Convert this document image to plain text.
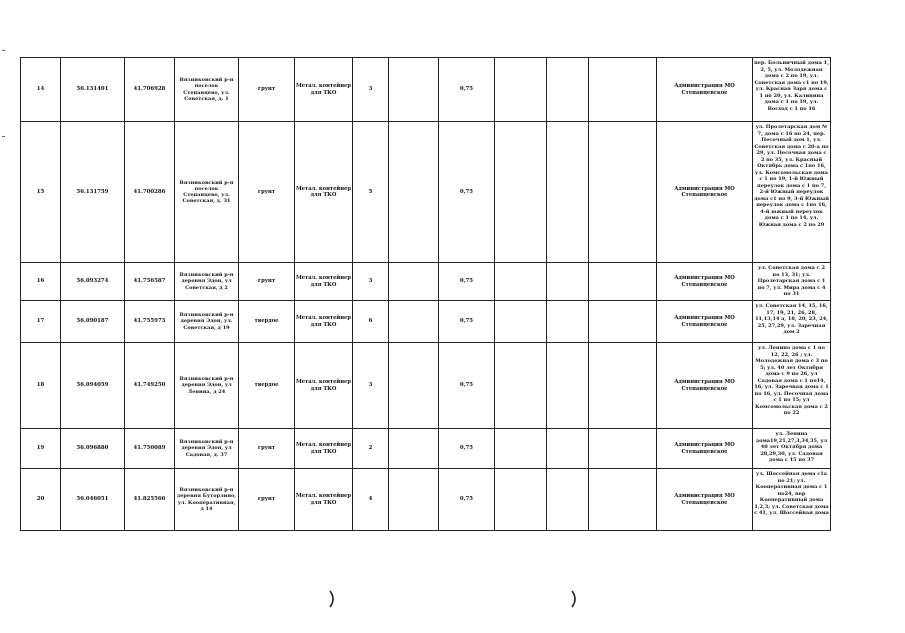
14	56.131401	41.706928	Вязниковский р-н поселок Степанцево, ул. Советская, д. 1	грунт	Метал. контейнер для ТКО	3		0,75				Администрация МО Степанцевское	пер. Больничный дома 1, 2, 5, ул. Молодежная дома с 2 по 19, ул. Советская дома с1 по 19, ул. Красная Заря дома с 1 по 20, ул. Калинина дома с 1 по 19, ул. Восход с 1 по 16
15	56.131759	41.700286	Вязниковский р-н поселок Степанцево, ул. Советская, д. 31	грунт	Метал. контейнер для ТКО	5		0,75				Администрация МО Степанцевское	ул. Пролетарская дом № 7, дома с 16 по 24, пер. Песочный дом 1, ул. Советская дома с 20-а по 29, ул. Песочная дома с 2 по 35, ул. Красный Октябрь дома с 1по 16, ул. Комсомольская дома с 1 по 19, 1-й Южный переулок дома с 1 по 7, 2-й Южный переулок дома с1 по 9, 3-й Южный переулок дома с 1по 16, 4-й южный переулок дома с 1 по 14, ул. Южная дома с 2 по 29
16	56.093274	41.756587	Вязниковский р-н деревня Эдон, ул Советская, д 2	грунт	Метал. контейнер для ТКО	3		0,75				Администрация МО Степанцевское	ул. Советская дома с 2 по 13, 31; ул. Пролетарская дома с 1 по 7, ул. Мира дома с 4 по 31
17	56.090187	41.755973	Вязниковский р-н деревня Эдон, ул. Советская, д 19	твердое	Метал. контейнер для ТКО	6		0,75				Администрация МО Степанцевское	ул. Советская 14, 15, 16, 17, 19, 21, 26, 28, 11,13,14 а, 18, 20, 23, 24, 25, 27,29, ул. Заречная дом 2
18	56.094059	41.749250	Вязниковский р-н деревня Эдон, ул Ленина, д 24	твердое	Метал. контейнер для ТКО	3		0,75				Администрация МО Степанцевское	ул. Ленина дома с 1 по 12, 22, 26 ; ул. Молодежная дома с 3 по 5; ул. 40 лет Октября дома с 9 по 26, ул Садовая дома с 1 по14, 16, ул. Заречная дома с 1 по 16, ул. Песочная дома с 1 по 15; ул Комсомольская дома с 2 по 22
19	56.096880	41.750089	Вязниковский р-н деревня Эдон, ул Садовая, д. 37	грунт	Метал. контейнер для ТКО	2		0,75				Администрация МО Степанцевское	ул. Ленина дома19,21,27,3,34,35, ул 40 лет Октября дома 28,29,30, ул. Садовая дома с 15 по 37
20	56.046051	41.825566	Вязниковский р-н деревня Буторлино, ул. Кооперативная, д 14	грунт	Метал. контейнер для ТКО	4		0,75				Администрация МО Степанцевское	ул. Шоссейная дома с1а по 21; ул. Кооперативная дома с 1 по24, пер Кооперативный дома 1,2,3; ул. Советская дома с 41, ул. Шоссейная дома
